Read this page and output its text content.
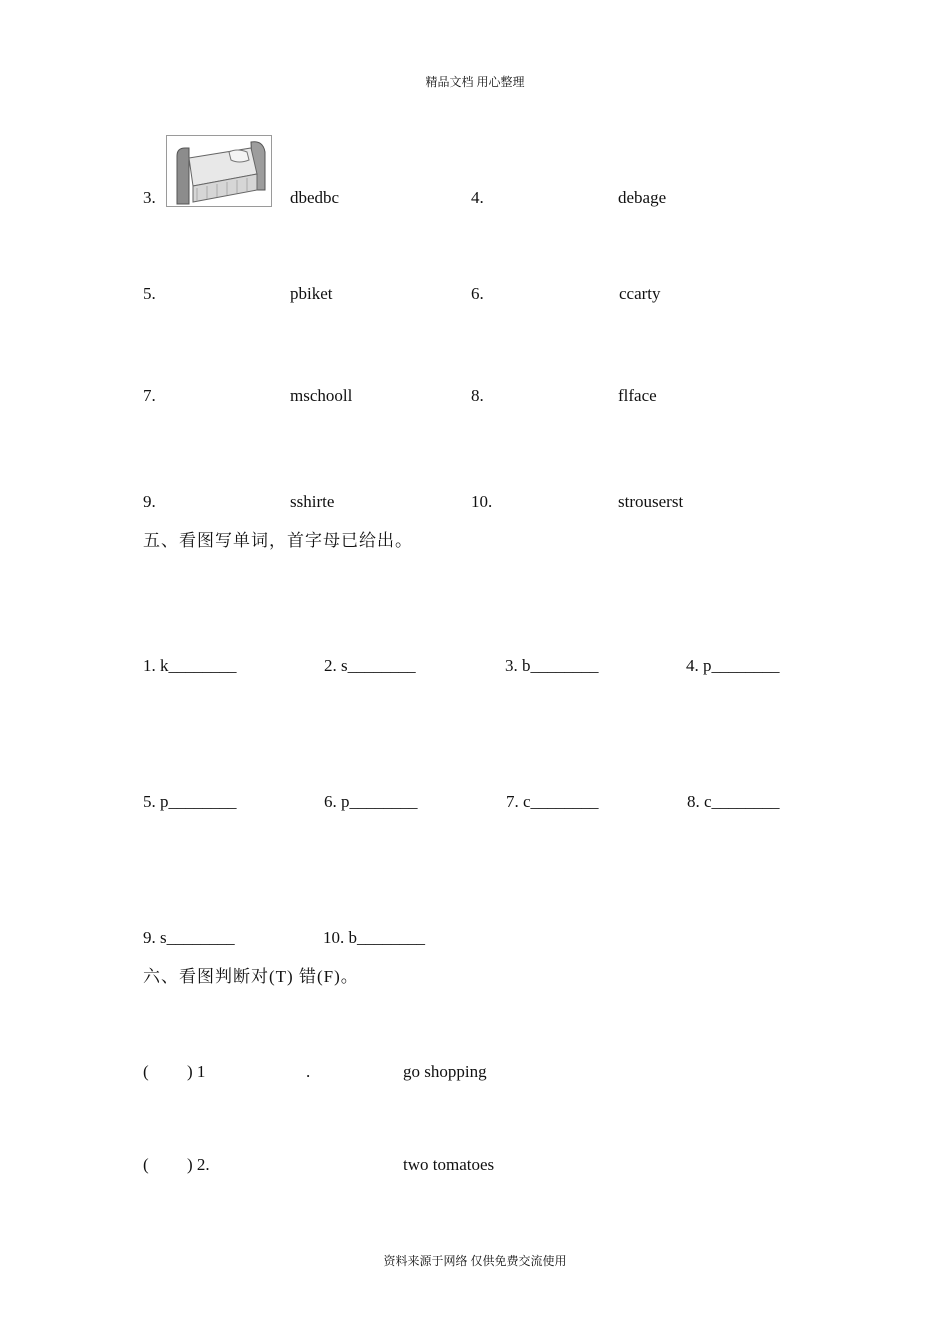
精品文档 用心整理
3.	dbedbc	4.	debage
5.	pbiket	6.	ccarty
7.	mschooll	8.	flface
9.	sshirte	10.	strouserst
五、看图写单词，首字母已给出。
1. k________	2. s________	3. b________	4. p________
5. p________	6. p________	7. c________	8. c________
9. s________	10. b________
六、看图判断对(T) 错(F)。
( ) 1	.	go shopping
( ) 2.	two tomatoes
资料来源于网络 仅供免费交流使用
